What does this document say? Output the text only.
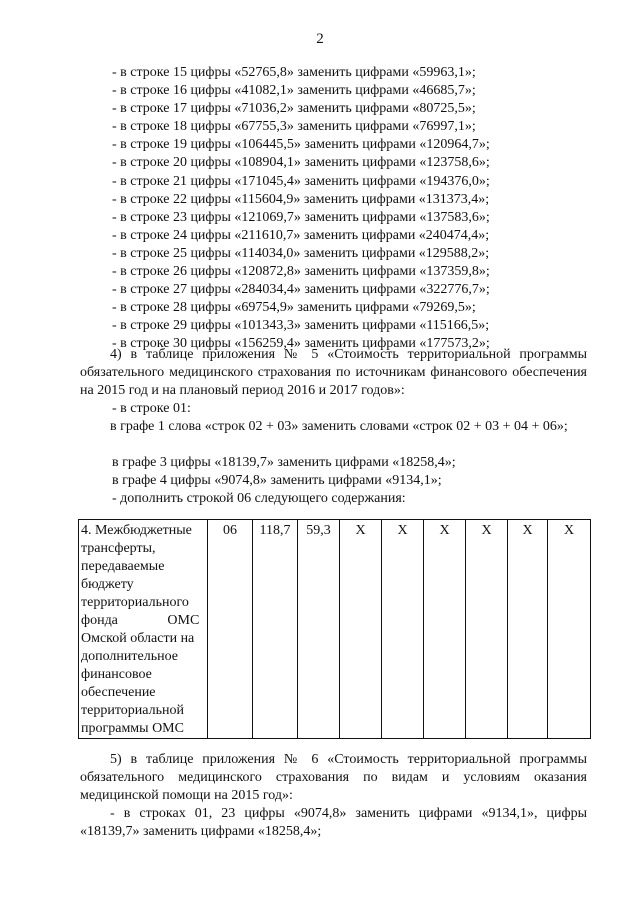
2
- в строке 15 цифры «52765,8» заменить цифрами «59963,1»;
- в строке 16 цифры «41082,1» заменить цифрами «46685,7»;
- в строке 17 цифры «71036,2» заменить цифрами «80725,5»;
- в строке 18 цифры «67755,3» заменить цифрами «76997,1»;
- в строке 19 цифры «106445,5» заменить цифрами «120964,7»;
- в строке 20 цифры «108904,1» заменить цифрами «123758,6»;
- в строке 21 цифры «171045,4» заменить цифрами «194376,0»;
- в строке 22 цифры «115604,9» заменить цифрами «131373,4»;
- в строке 23 цифры «121069,7» заменить цифрами «137583,6»;
- в строке 24 цифры «211610,7» заменить цифрами «240474,4»;
- в строке 25 цифры «114034,0» заменить цифрами «129588,2»;
- в строке 26 цифры «120872,8» заменить цифрами «137359,8»;
- в строке 27 цифры «284034,4» заменить цифрами «322776,7»;
- в строке 28 цифры «69754,9» заменить цифрами «79269,5»;
- в строке 29 цифры «101343,3» заменить цифрами «115166,5»;
- в строке 30 цифры «156259,4» заменить цифрами «177573,2»;

4) в таблице приложения № 5 «Стоимость территориальной программы обязательного медицинского страхования по источникам финансового обеспечения на 2015 год и на плановый период 2016 и 2017 годов»:

- в строке 01:

в графе 1 слова «строк 02 + 03» заменить словами «строк 02 + 03 + 04 + 06»;

в графе 3 цифры «18139,7» заменить цифрами «18258,4»;
в графе 4 цифры «9074,8» заменить цифрами «9134,1»;
- дополнить строкой 06 следующего содержания:
4. Межбюджетные
трансферты,
передаваемые
бюджету
территориального
фонда ОМС
Омской области на
дополнительное
финансовое
обеспечение
территориальной
программы ОМС
	06	118,7	59,3	Х	Х	Х	Х	Х	Х

5) в таблице приложения № 6 «Стоимость территориальной программы обязательного медицинского страхования по видам и условиям оказания медицинской помощи на 2015 год»:

- в строках 01, 23 цифры «9074,8» заменить цифрами «9134,1», цифры «18139,7» заменить цифрами «18258,4»;
